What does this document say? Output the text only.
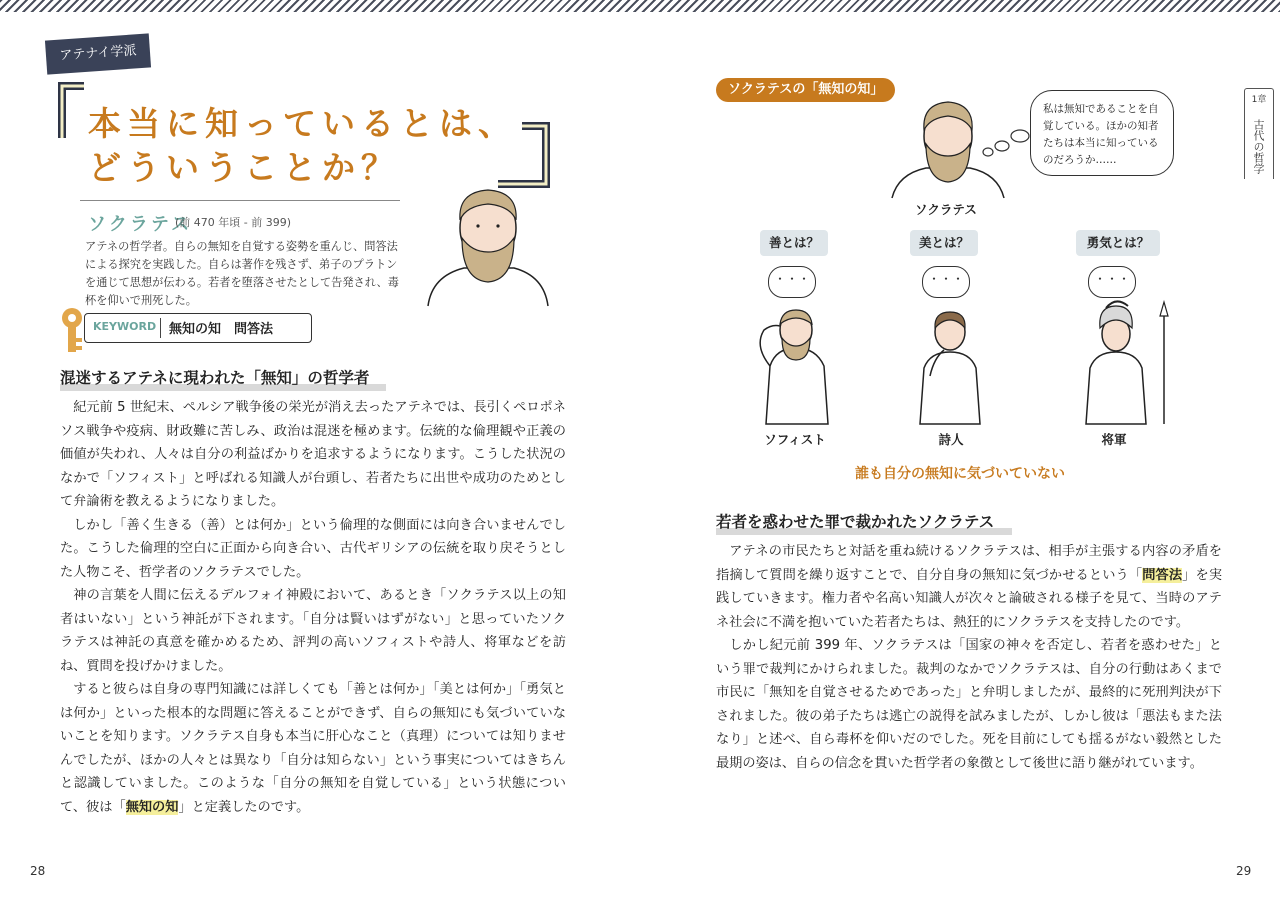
アテナイ学派
本当に知っているとは、
どういうことか？
ソクラテス
(前 470 年頃 - 前 399)
アテネの哲学者。自らの無知を自覚する姿勢を重んじ、問答法による探究を実践した。自らは著作を残さず、弟子のプラトンを通じて思想が伝わる。若者を堕落させたとして告発され、毒杯を仰いで刑死した。
KEYWORD 無知の知　問答法
混迷するアテネに現われた「無知」の哲学者

紀元前 5 世紀末、ペルシア戦争後の栄光が消え去ったアテネでは、長引くペロポネソス戦争や疫病、財政難に苦しみ、政治は混迷を極めます。伝統的な倫理観や正義の価値が失われ、人々は自分の利益ばかりを追求するようになります。こうした状況のなかで「ソフィスト」と呼ばれる知識人が台頭し、若者たちに出世や成功のためとして弁論術を教えるようになりました。

しかし「善く生きる（善）とは何か」という倫理的な側面には向き合いませんでした。こうした倫理的空白に正面から向き合い、古代ギリシアの伝統を取り戻そうとした人物こそ、哲学者のソクラテスでした。

神の言葉を人間に伝えるデルフォイ神殿において、あるとき「ソクラテス以上の知者はいない」という神託が下されます。「自分は賢いはずがない」と思っていたソクラテスは神託の真意を確かめるため、評判の高いソフィストや詩人、将軍などを訪ね、質問を投げかけました。

すると彼らは自身の専門知識には詳しくても「善とは何か」「美とは何か」「勇気とは何か」といった根本的な問題に答えることができず、自らの無知にも気づいていないことを知ります。ソクラテス自身も本当に肝心なこと（真理）については知りませんでしたが、ほかの人々とは異なり「自分は知らない」という事実についてはきちんと認識していました。このような「自分の無知を自覚している」という状態について、彼は「無知の知」と定義したのです。

28
ソクラテスの「無知の知」
ソクラテス
私は無知であることを自覚している。ほかの知者たちは本当に知っているのだろうか……
善とは？
・・・
ソフィスト
美とは？
・・・
詩人
勇気とは？
・・・
将軍
誰も自分の無知に気づいていない
若者を惑わせた罪で裁かれたソクラテス

アテネの市民たちと対話を重ね続けるソクラテスは、相手が主張する内容の矛盾を指摘して質問を繰り返すことで、自分自身の無知に気づかせるという「問答法」を実践していきます。権力者や名高い知識人が次々と論破される様子を見て、当時のアテネ社会に不満を抱いていた若者たちは、熱狂的にソクラテスを支持したのです。

しかし紀元前 399 年、ソクラテスは「国家の神々を否定し、若者を惑わせた」という罪で裁判にかけられました。裁判のなかでソクラテスは、自分の行動はあくまで市民に「無知を自覚させるためであった」と弁明しましたが、最終的に死刑判決が下されました。彼の弟子たちは逃亡の説得を試みましたが、しかし彼は「悪法もまた法なり」と述べ、自ら毒杯を仰いだのでした。死を目前にしても揺るがない毅然とした最期の姿は、自らの信念を貫いた哲学者の象徴として後世に語り継がれています。

29
1章
古代の哲学
